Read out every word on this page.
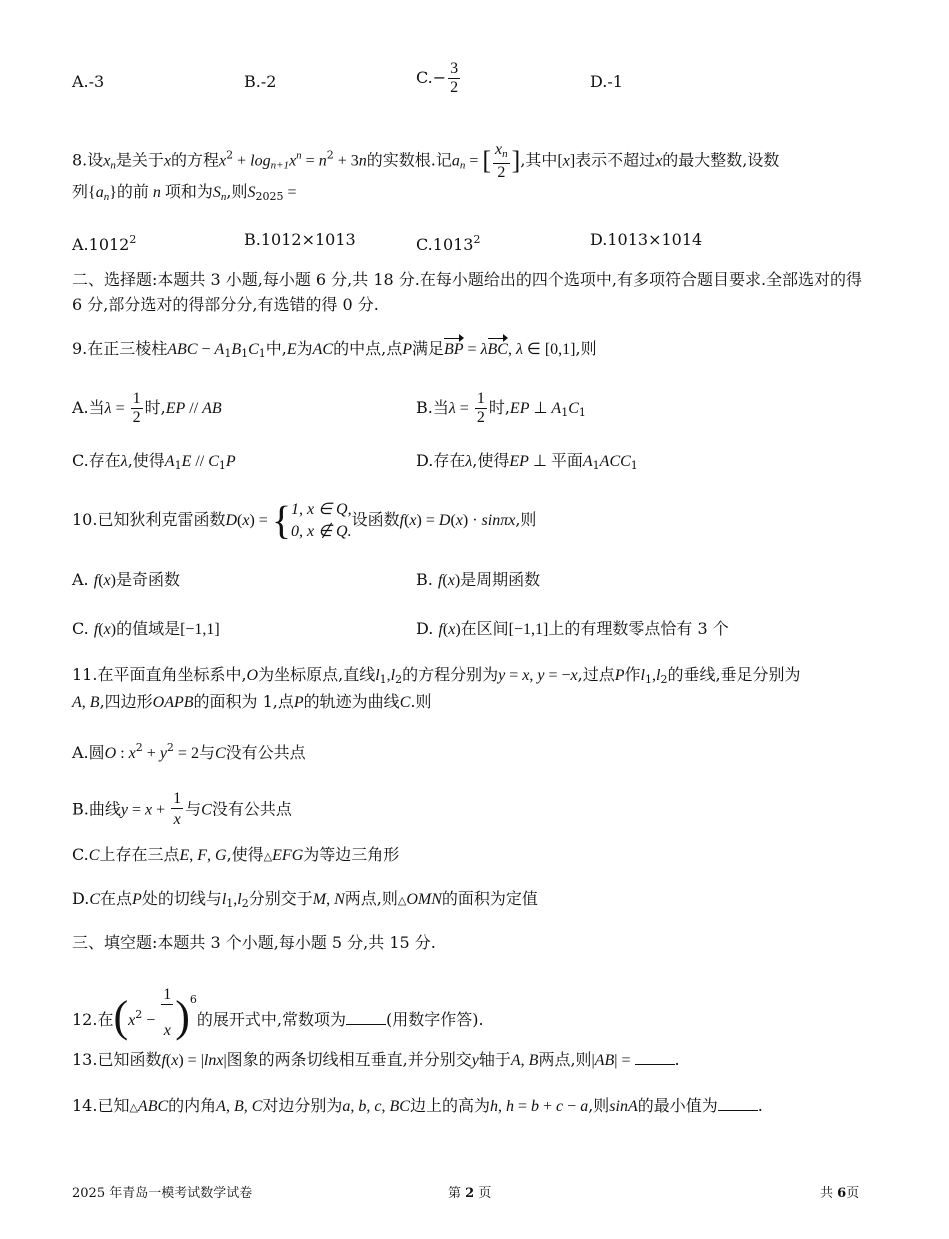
A.-3	B.-2	$C.- \frac{3}{2}$	D.-1
8.设$x_n$是关于x的方程$x^2 + \log_{n+1}x^n = n^2 + 3n$的实数根.记$a_n$ = [ $\frac{x_n}{2}$ ],其中[x]表示不超过x的最大整数,设数
列$\{a_n\}$的前 n 项和为$S_n$,则$S_{2025}$ =
$A.1012^2$	B.1012×1013	C.1013$^2$	D.1013×1014
二、选择题:本题共 3 小题,每小题 6 分,共 18 分.在每小题给出的四个选项中,有多项符合题目要求.全部选对的得
6 分,部分选对的得部分分,有选错的得 0 分.
9.在正三棱柱ABC − $A_1B_1C_1$中,E为AC的中点,点P满足BP = λBC, λ ∈ [0,1],则
A.当$\lambda = \frac{1}{2}$ 时,EP // AB	B.当$\lambda = \frac{1}{2}$ 时,EP ⊥ $A_1C_1$
C.存在λ,使得$A_1E // C_1P$	D.存在λ,使得EP ⊥ 平面$A_1ACC_1$
10.已知狄利克雷函数D(x) = { 1, x ∈ Q,
0, x ∉ Q.
设函数f(x) = D(x) · sinπx,则
A. f(x)是奇函数	B. f(x)是周期函数
C. f(x)的值域是[−1,1]	D. f(x)在区间[−1,1]上的有理数零点恰有 3 个
11.在平面直角坐标系中,O为坐标原点,直线$l_1,l_2$的方程分别为y = x, y = −x,过点P作$l_1,l_2$的垂线,垂足分别为
A, B,四边形OAPB的面积为 1,点P的轨迹为曲线C.则
A.圆O : $x^2 + y^2 = 2$与C没有公共点
B.曲线$y = x + \frac{1}{x}$ 与C没有公共点
C.C上存在三点E, F, G,使得△EFG为等边三角形
D.C在点P处的切线与$l_1,l_2$分别交于M, N两点,则△OMN的面积为定值
三、填空题:本题共 3 个小题,每小题 5 分,共 15 分.
12.在$(x^2 - \frac{1}{x})^6$的展开式中,常数项为	(用数字作答).
13.已知函数f(x) = |lnx|图象的两条切线相互垂直,并分别交y轴于A, B两点,则|AB| =	.
14.已知△ABC的内角A, B, C对边分别为a, b, c, BC边上的高为h, h = b + c − a,则sinA的最小值为	.
2025 年青岛一模考试数学试卷	第 2 页	共 6页
